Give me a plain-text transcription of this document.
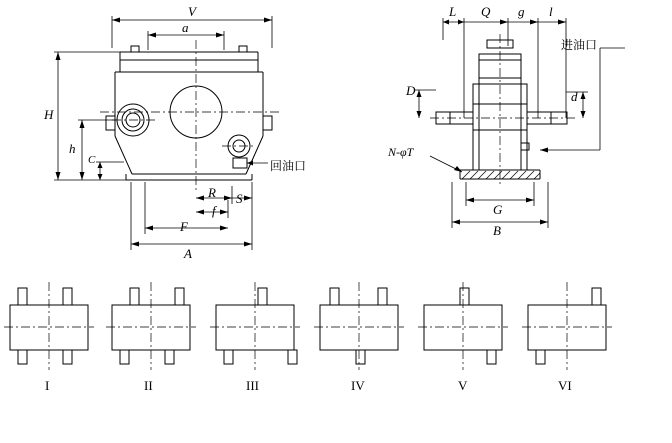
V
a
H
h
C
R S
f
F
A
回油口
L Q g l
D	d
G
B
进油口
N-φT
I	II	III	IV	V	VI
